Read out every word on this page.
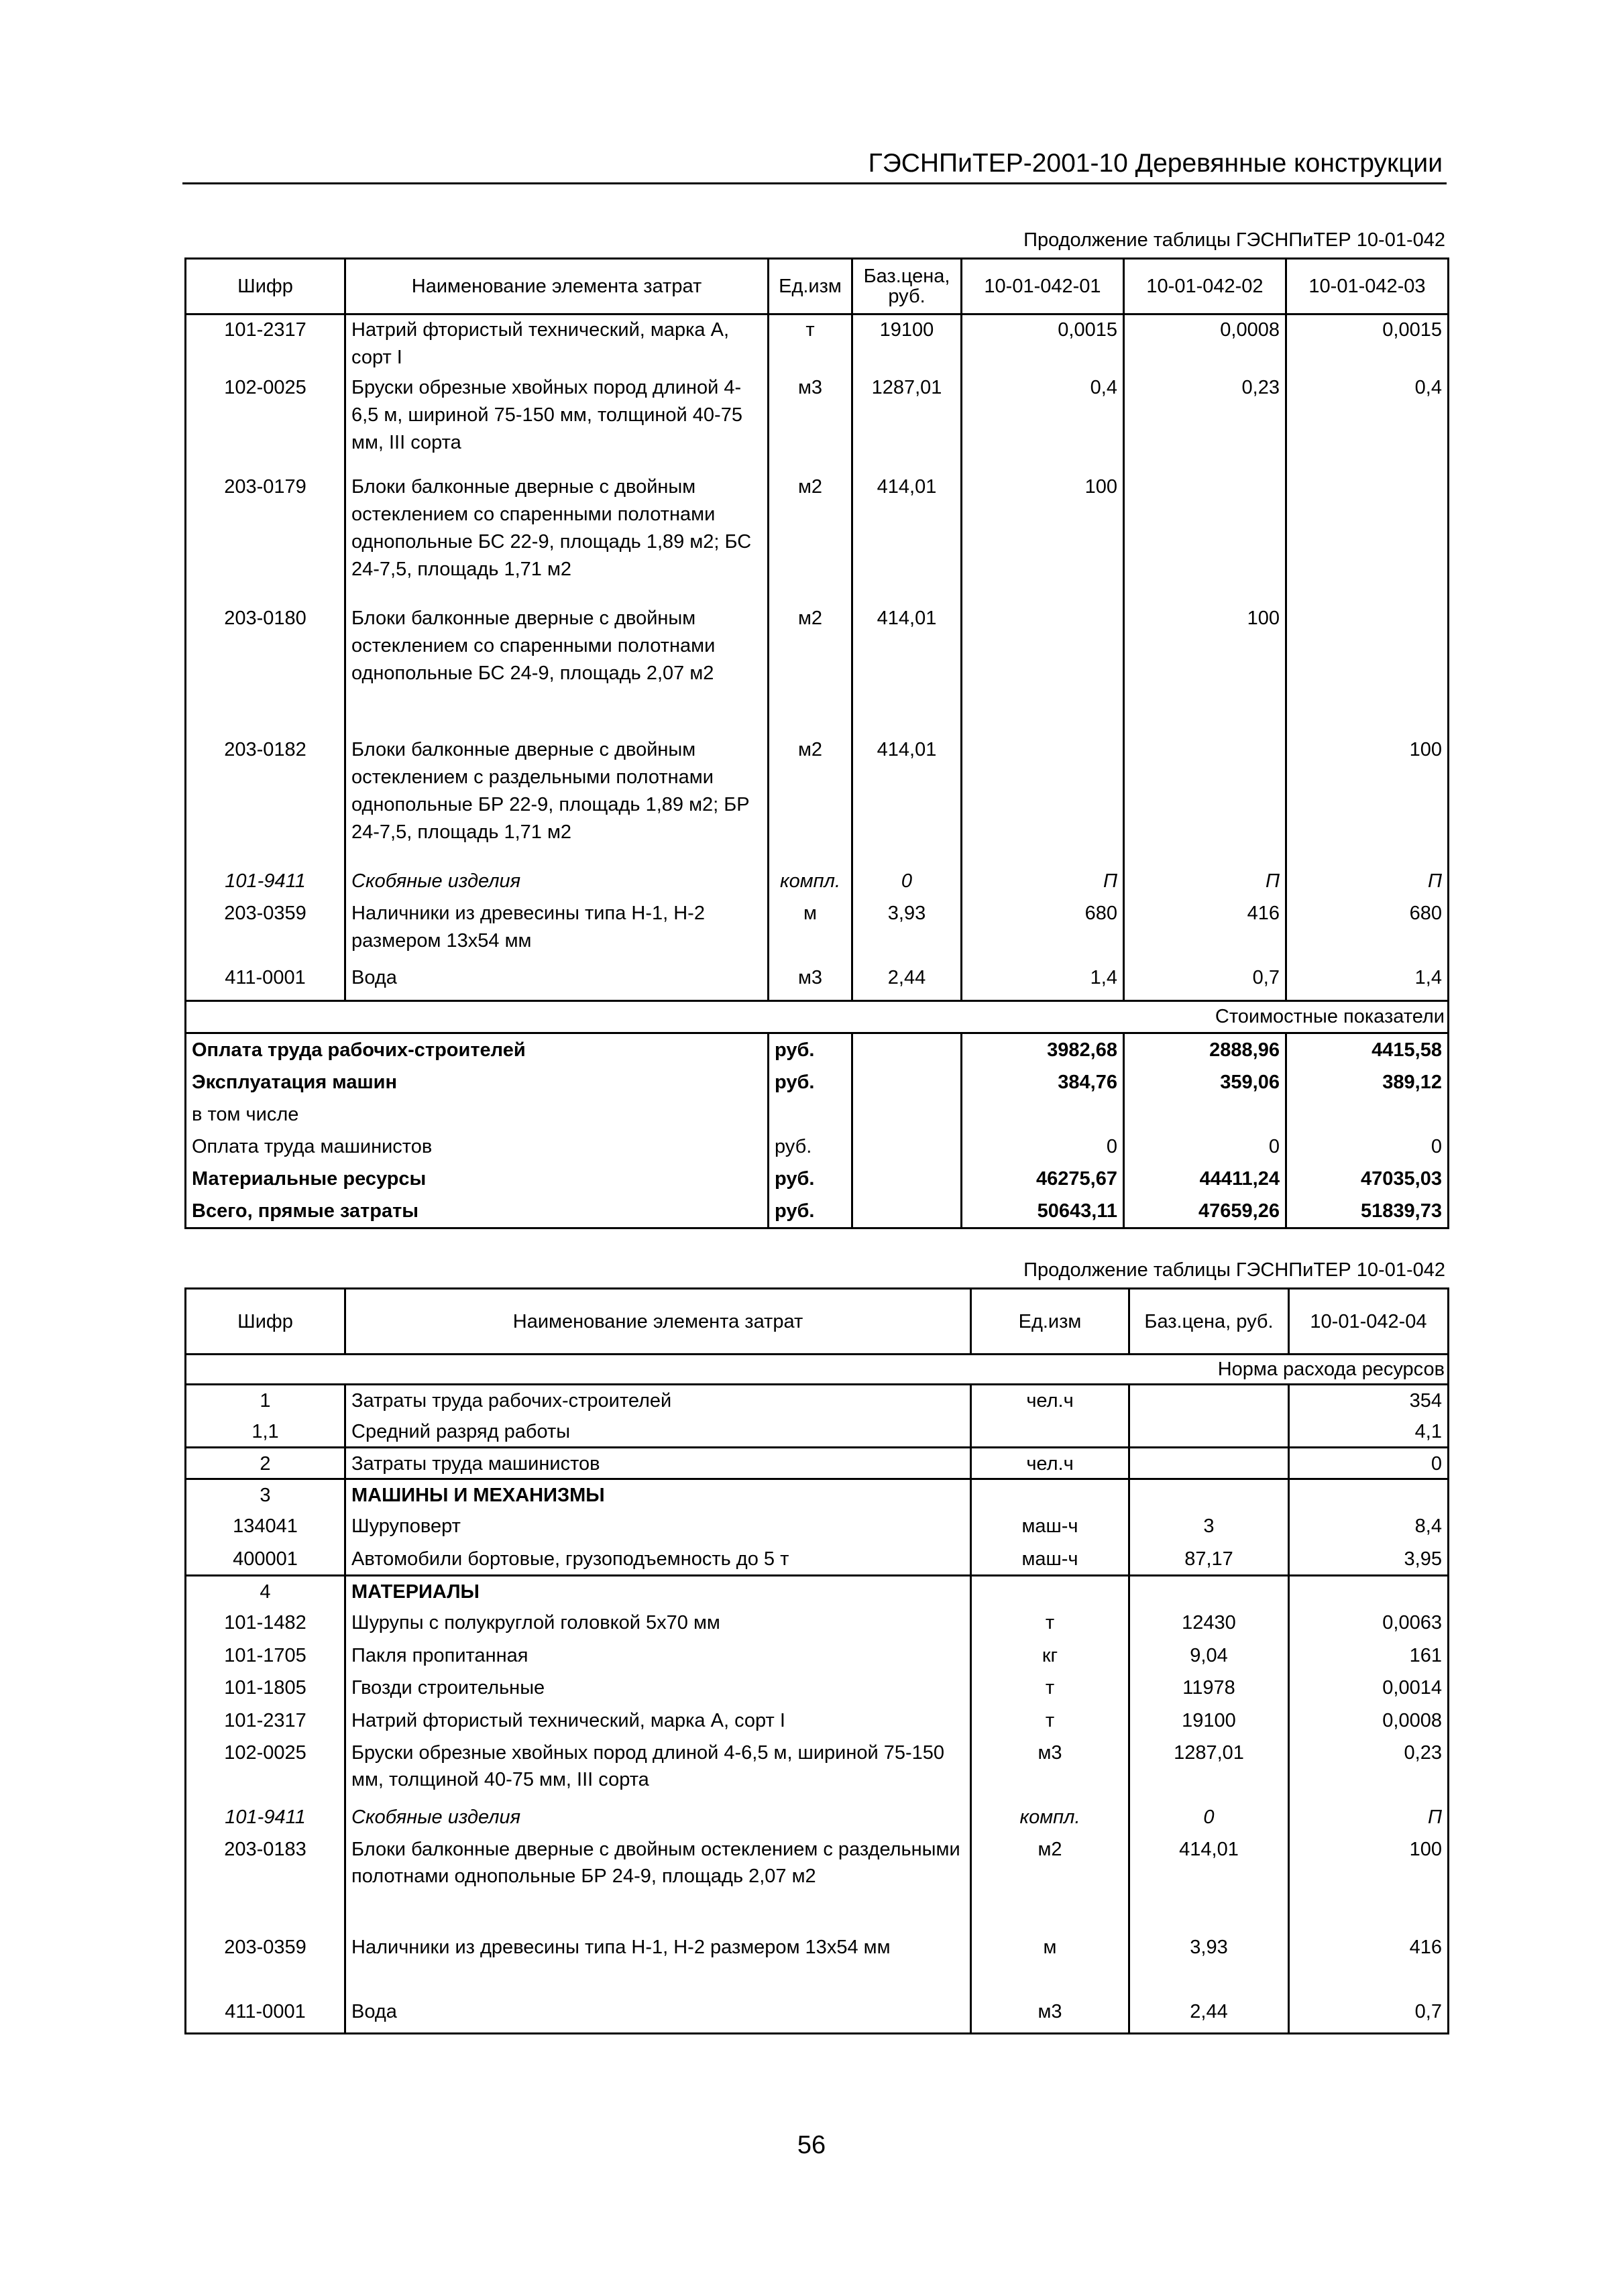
ГЭСНПиТЕР-2001-10 Деревянные конструкции
Продолжение таблицы ГЭСНПиТЕР 10-01-042
Шифр	Наименование элемента затрат	Ед.изм	Баз.цена, руб.	10-01-042-01	10-01-042-02	10-01-042-03
101-2317	Натрий фтористый технический, марка А, сорт I	т	19100	0,0015	0,0008	0,0015
102-0025	Бруски обрезные хвойных пород длиной 4-6,5 м, шириной 75-150 мм, толщиной 40-75 мм, III сорта	м3	1287,01	0,4	0,23	0,4
203-0179	Блоки балконные дверные с двойным остеклением со спаренными полотнами однопольные БС 22-9, площадь 1,89 м2; БС 24-7,5, площадь 1,71 м2	м2	414,01	100		
203-0180	Блоки балконные дверные с двойным остеклением со спаренными полотнами однопольные БС 24-9, площадь 2,07 м2	м2	414,01		100	
203-0182	Блоки балконные дверные с двойным остеклением с раздельными полотнами однопольные БР 22-9, площадь 1,89 м2; БР 24-7,5, площадь 1,71 м2	м2	414,01			100
101-9411	Скобяные изделия	компл.	0	П	П	П
203-0359	Наличники из древесины типа Н-1, Н-2 размером 13х54 мм	м	3,93	680	416	680
411-0001	Вода	м3	2,44	1,4	0,7	1,4
Стоимостные показатели						
Оплата труда рабочих-строителей		руб.		3982,68	2888,96	4415,58
Эксплуатация машин		руб.		384,76	359,06	389,12
в том числе						
Оплата труда машинистов		руб.		0	0	0
Материальные ресурсы		руб.		46275,67	44411,24	47035,03
Всего, прямые затраты		руб.		50643,11	47659,26	51839,73
Продолжение таблицы ГЭСНПиТЕР 10-01-042
Шифр	Наименование элемента затрат	Ед.изм	Баз.цена, руб.	10-01-042-04
Норма расхода ресурсов				
1	Затраты труда рабочих-строителей	чел.ч		354
1,1	Средний разряд работы			4,1
2	Затраты труда машинистов	чел.ч		0
3	МАШИНЫ И МЕХАНИЗМЫ			
134041	Шуруповерт	маш-ч	3	8,4
400001	Автомобили бортовые, грузоподъемность до 5 т	маш-ч	87,17	3,95
4	МАТЕРИАЛЫ			
101-1482	Шурупы с полукруглой головкой 5х70 мм	т	12430	0,0063
101-1705	Пакля пропитанная	кг	9,04	161
101-1805	Гвозди строительные	т	11978	0,0014
101-2317	Натрий фтористый технический, марка А, сорт I	т	19100	0,0008
102-0025	Бруски обрезные хвойных пород длиной 4-6,5 м, шириной 75-150 мм, толщиной 40-75 мм, III сорта	м3	1287,01	0,23
101-9411	Скобяные изделия	компл.	0	П
203-0183	Блоки балконные дверные с двойным остеклением с раздельными полотнами однопольные БР 24-9, площадь 2,07 м2	м2	414,01	100
203-0359	Наличники из древесины типа Н-1, Н-2 размером 13х54 мм	м	3,93	416
411-0001	Вода	м3	2,44	0,7
56
